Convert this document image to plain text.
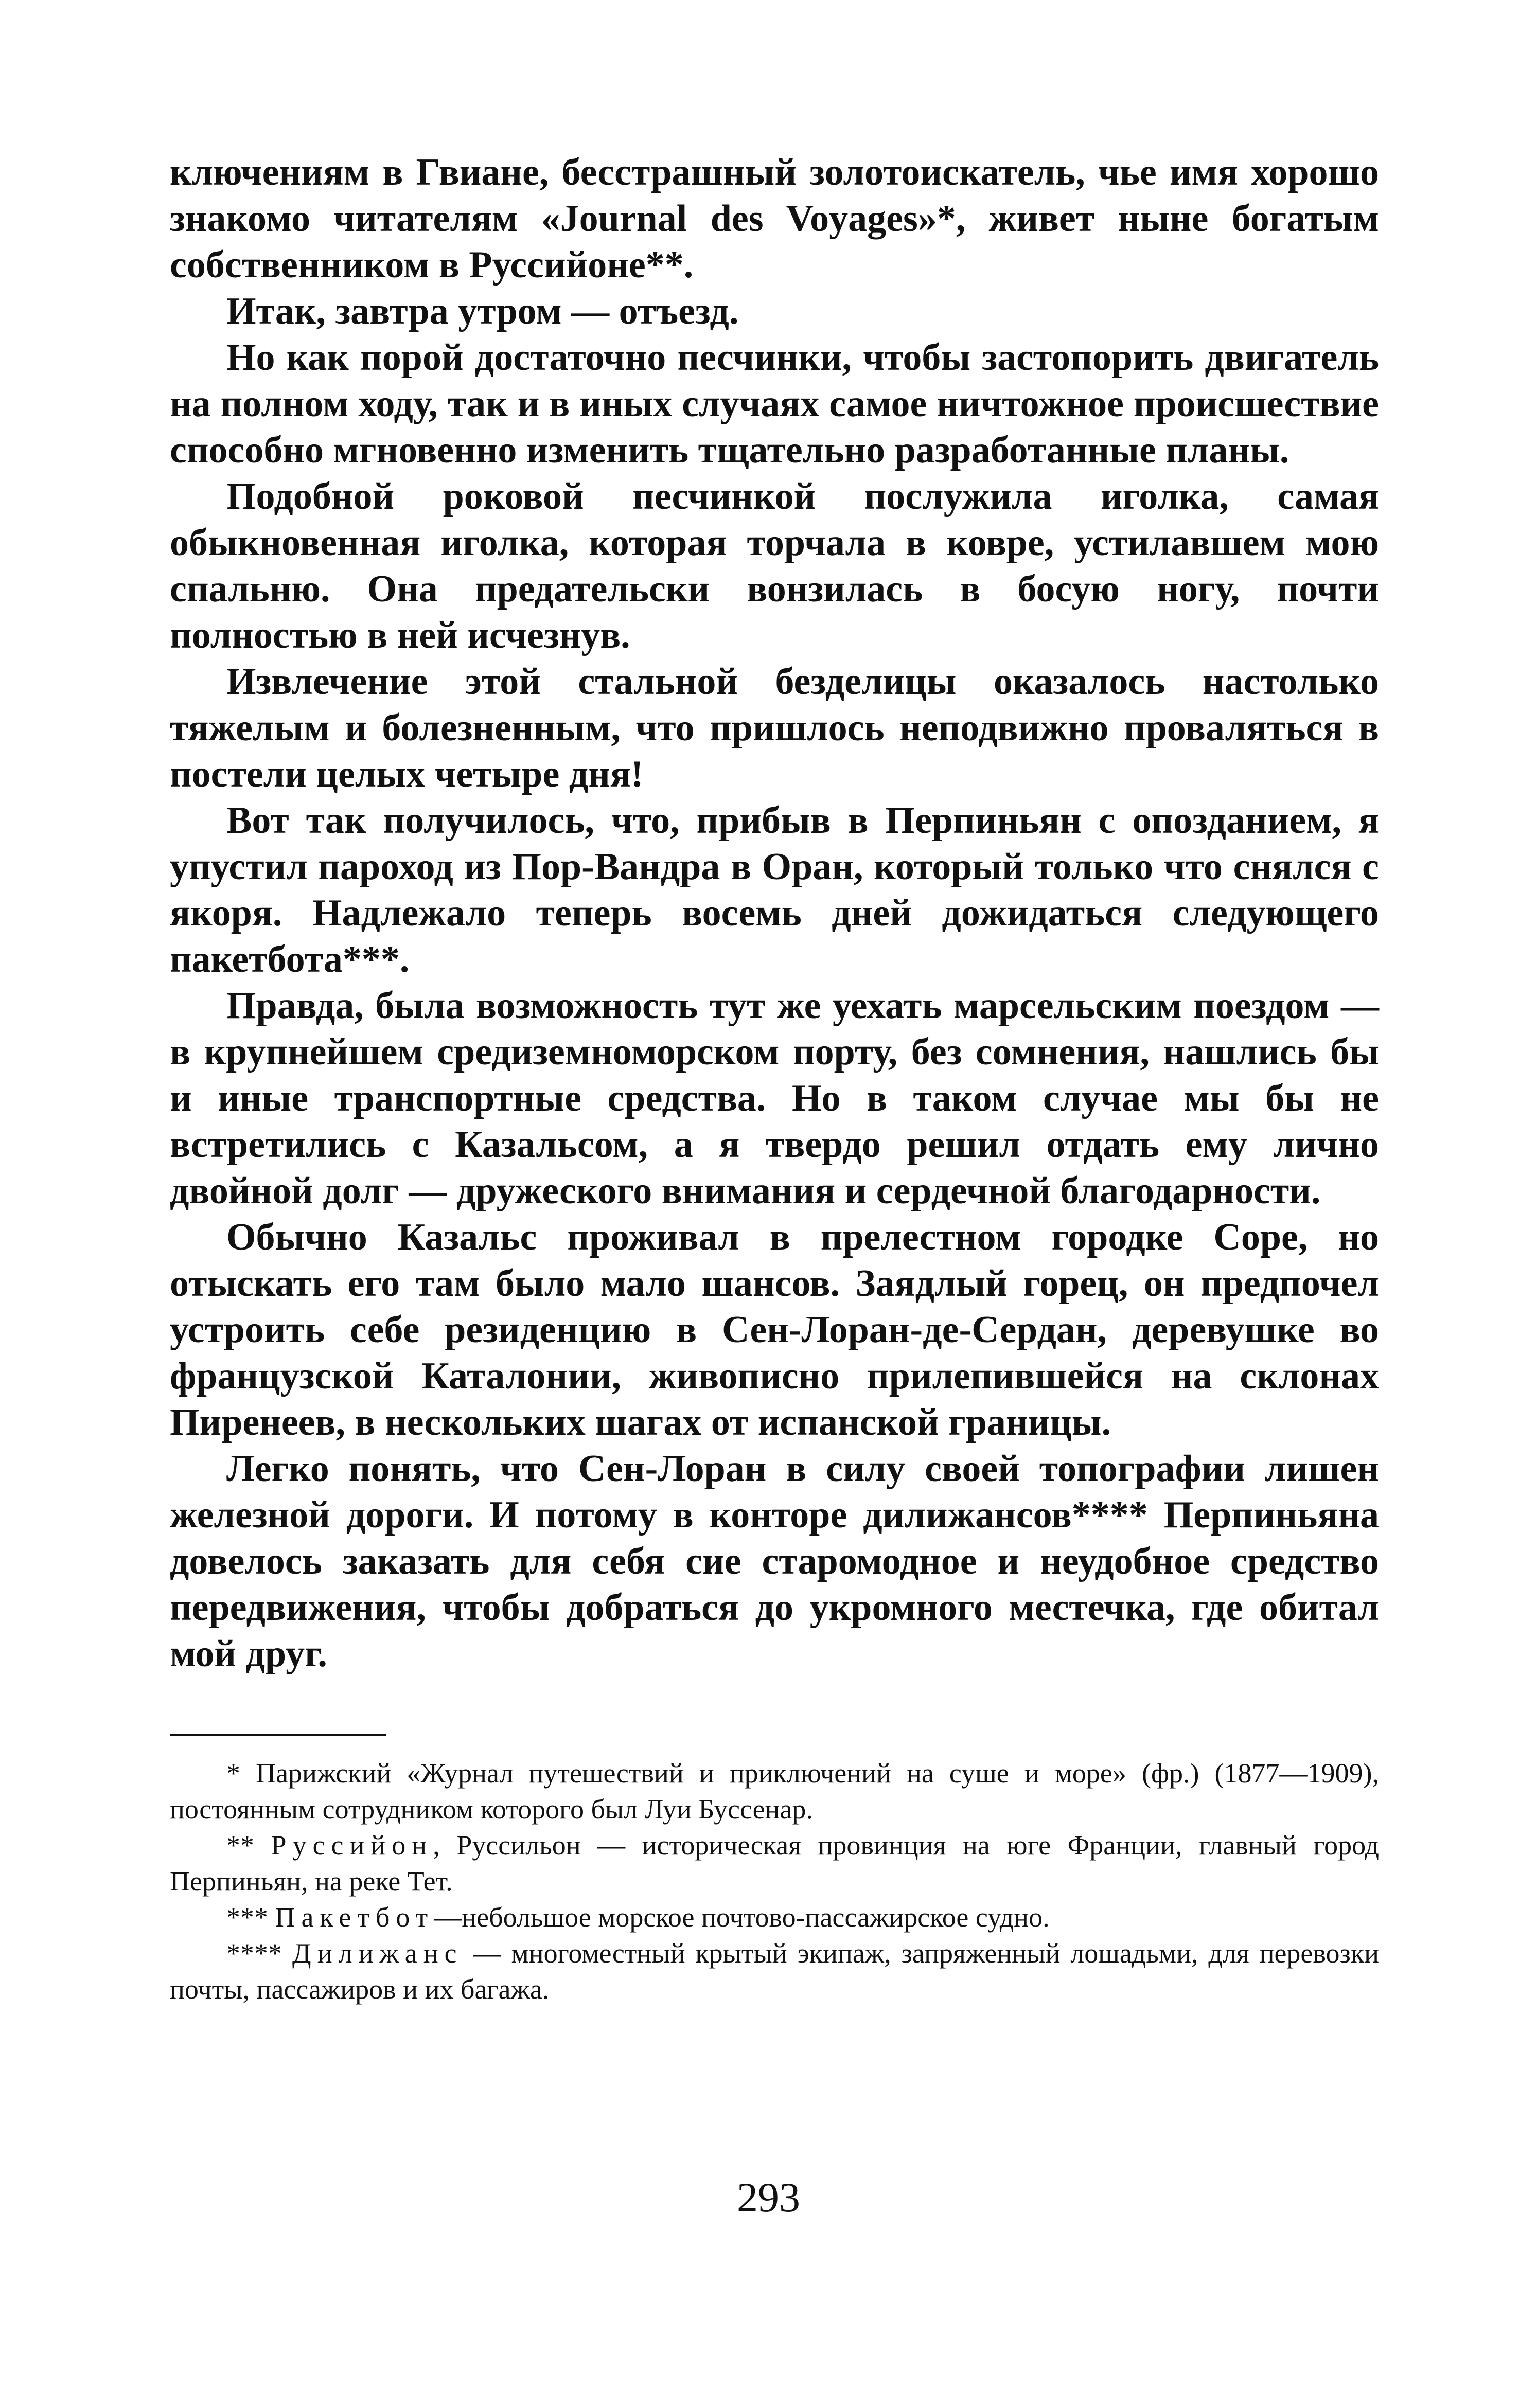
ключениям в Гвиане, бесстрашный золотоискатель, чье имя хорошо знакомо читателям «Journal des Voyages»*, живет ныне богатым собственником в Руссийоне**.

Итак, завтра утром — отъезд.

Но как порой достаточно песчинки, чтобы застопорить двигатель на полном ходу, так и в иных случаях самое ничтожное происшествие способно мгновенно изменить тщательно разработанные планы.

Подобной роковой песчинкой послужила иголка, самая обыкновенная иголка, которая торчала в ковре, устилавшем мою спальню. Она предательски вонзилась в босую ногу, почти полностью в ней исчезнув.

Извлечение этой стальной безделицы оказалось настолько тяжелым и болезненным, что пришлось неподвижно проваляться в постели целых четыре дня!

Вот так получилось, что, прибыв в Перпиньян с опозданием, я упустил пароход из Пор-Вандра в Оран, который только что снялся с якоря. Надлежало теперь восемь дней дожидаться следующего пакетбота***.

Правда, была возможность тут же уехать марсельским поездом — в крупнейшем средиземноморском порту, без сомнения, нашлись бы и иные транспортные средства. Но в таком случае мы бы не встретились с Казальсом, а я твердо решил отдать ему лично двойной долг — дружеского внимания и сердечной благодарности.

Обычно Казальс проживал в прелестном городке Соре, но отыскать его там было мало шансов. Заядлый горец, он предпочел устроить себе резиденцию в Сен-Лоран-де-Сердан, деревушке во французской Каталонии, живописно прилепившейся на склонах Пиренеев, в нескольких шагах от испанской границы.

Легко понять, что Сен-Лоран в силу своей топографии лишен железной дороги. И потому в конторе дилижансов**** Перпиньяна довелось заказать для себя сие старомодное и неудобное средство передвижения, чтобы добраться до укромного местечка, где обитал мой друг.

* Парижский «Журнал путешествий и приключений на суше и море» (фр.) (1877—1909), постоянным сотрудником которого был Луи Буссенар.

** Руссийон, Руссильон — историческая провинция на юге Франции, главный город Перпиньян, на реке Тет.

*** Пакетбот—небольшое морское почтово-пассажирское судно.

**** Дилижанс — многоместный крытый экипаж, запряженный лошадьми, для перевозки почты, пассажиров и их багажа.

293
